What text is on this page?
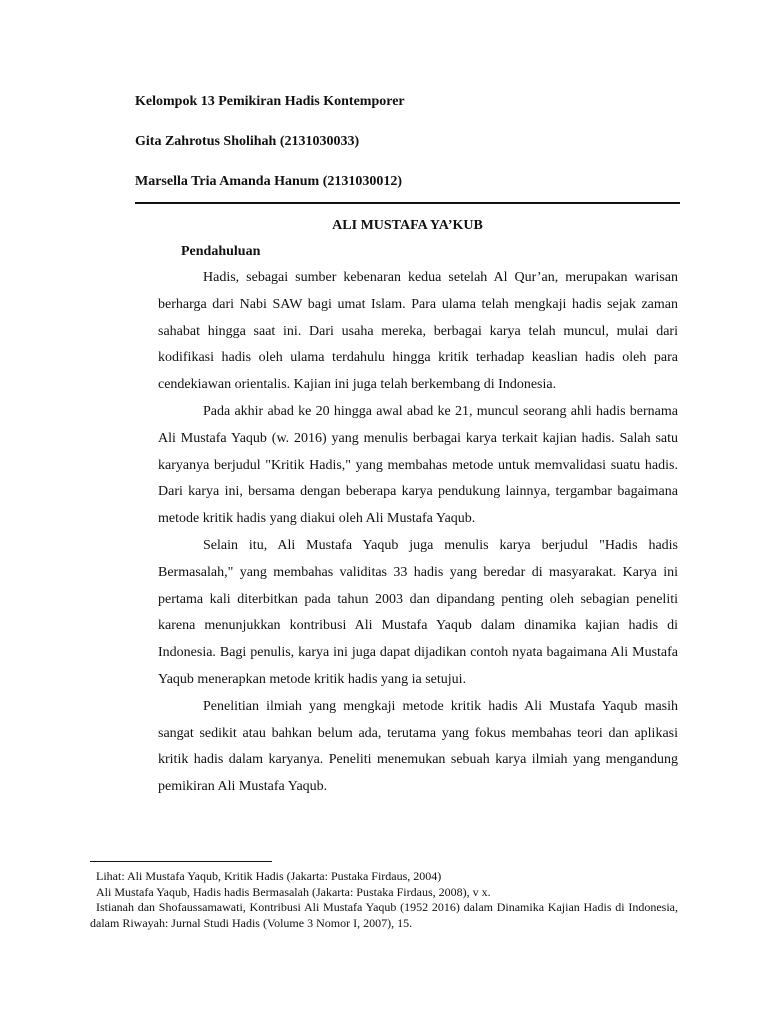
Kelompok 13 Pemikiran Hadis Kontemporer
Gita Zahrotus Sholihah (2131030033)
Marsella Tria Amanda Hanum (2131030012)
ALI MUSTAFA YA’KUB
Pendahuluan

Hadis, sebagai sumber kebenaran kedua setelah Al Qur’an, merupakan warisan berharga dari Nabi SAW bagi umat Islam. Para ulama telah mengkaji hadis sejak zaman sahabat hingga saat ini. Dari usaha mereka, berbagai karya telah muncul, mulai dari kodifikasi hadis oleh ulama terdahulu hingga kritik terhadap keaslian hadis oleh para cendekiawan orientalis. Kajian ini juga telah berkembang di Indonesia.

Pada akhir abad ke 20 hingga awal abad ke 21, muncul seorang ahli hadis bernama Ali Mustafa Yaqub (w. 2016) yang menulis berbagai karya terkait kajian hadis. Salah satu karyanya berjudul "Kritik Hadis," yang membahas metode untuk memvalidasi suatu hadis. Dari karya ini, bersama dengan beberapa karya pendukung lainnya, tergambar bagaimana metode kritik hadis yang diakui oleh Ali Mustafa Yaqub.

Selain itu, Ali Mustafa Yaqub juga menulis karya berjudul "Hadis hadis Bermasalah," yang membahas validitas 33 hadis yang beredar di masyarakat. Karya ini pertama kali diterbitkan pada tahun 2003 dan dipandang penting oleh sebagian peneliti karena menunjukkan kontribusi Ali Mustafa Yaqub dalam dinamika kajian hadis di Indonesia. Bagi penulis, karya ini juga dapat dijadikan contoh nyata bagaimana Ali Mustafa Yaqub menerapkan metode kritik hadis yang ia setujui.

Penelitian ilmiah yang mengkaji metode kritik hadis Ali Mustafa Yaqub masih sangat sedikit atau bahkan belum ada, terutama yang fokus membahas teori dan aplikasi kritik hadis dalam karyanya. Peneliti menemukan sebuah karya ilmiah yang mengandung pemikiran Ali Mustafa Yaqub.

Lihat: Ali Mustafa Yaqub, Kritik Hadis (Jakarta: Pustaka Firdaus, 2004)

Ali Mustafa Yaqub, Hadis hadis Bermasalah (Jakarta: Pustaka Firdaus, 2008), v x.

Istianah dan Shofaussamawati, Kontribusi Ali Mustafa Yaqub (1952 2016) dalam Dinamika Kajian Hadis di Indonesia, dalam Riwayah: Jurnal Studi Hadis (Volume 3 Nomor I, 2007), 15.
